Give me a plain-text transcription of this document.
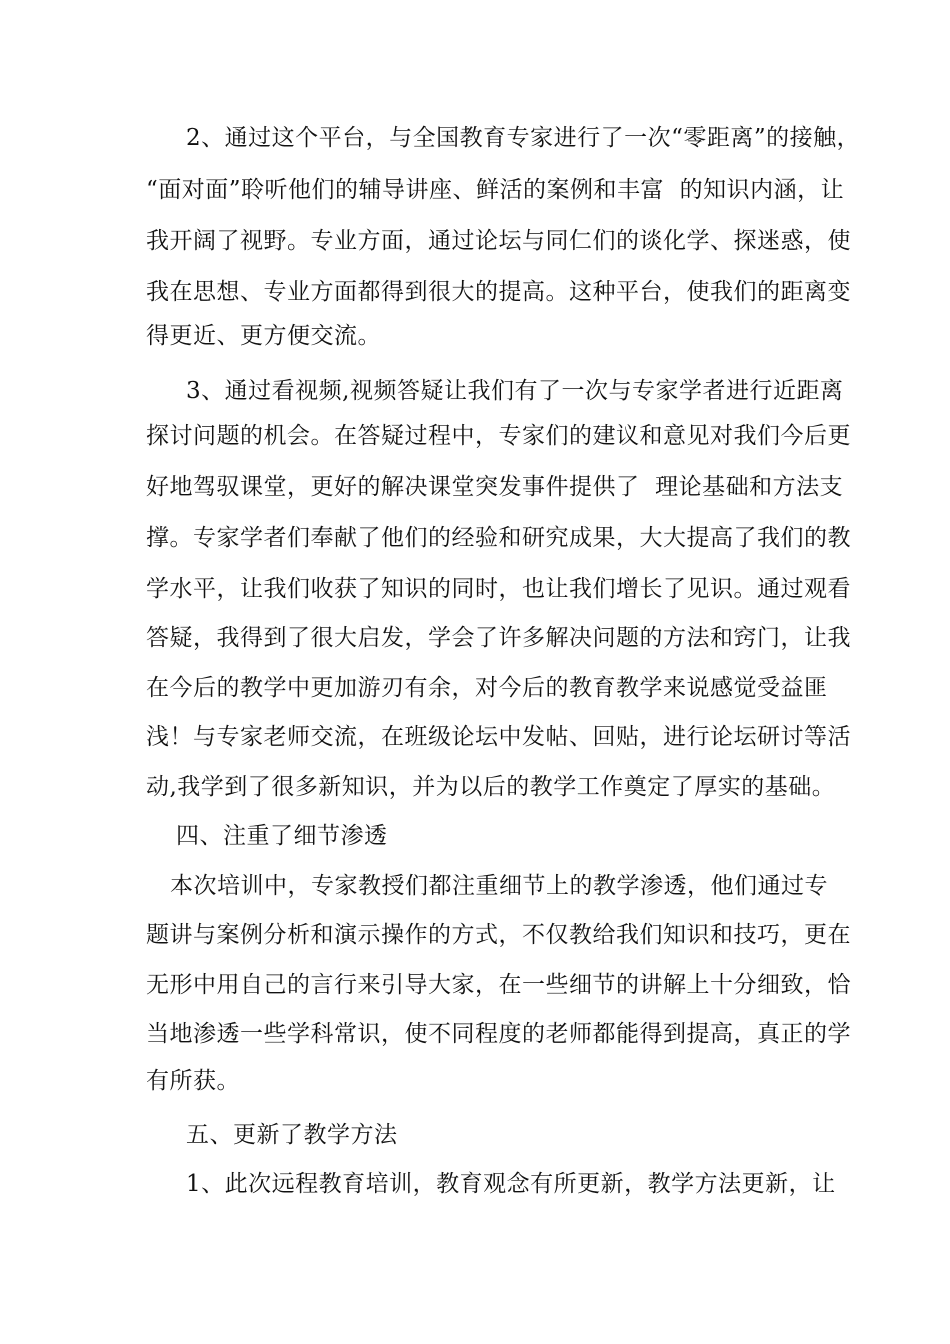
2、通过这个平台，与全国教育专家进行了一次“零距离”的接触，
“面对面”聆听他们的辅导讲座、鲜活的案例和丰富  的知识内涵，让
我开阔了视野。专业方面，通过论坛与同仁们的谈化学、探迷惑，使
我在思想、专业方面都得到很大的提高。这种平台，使我们的距离变
得更近、更方便交流。
3、通过看视频,视频答疑让我们有了一次与专家学者进行近距离
探讨问题的机会。在答疑过程中，专家们的建议和意见对我们今后更
好地驾驭课堂，更好的解决课堂突发事件提供了  理论基础和方法支
撑。专家学者们奉献了他们的经验和研究成果，大大提高了我们的教
学水平，让我们收获了知识的同时，也让我们增长了见识。通过观看
答疑，我得到了很大启发，学会了许多解决问题的方法和窍门，让我
在今后的教学中更加游刃有余，对今后的教育教学来说感觉受益匪
浅！与专家老师交流，在班级论坛中发帖、回贴，进行论坛研讨等活
动,我学到了很多新知识，并为以后的教学工作奠定了厚实的基础。
四、注重了细节渗透
本次培训中，专家教授们都注重细节上的教学渗透，他们通过专
题讲与案例分析和演示操作的方式，不仅教给我们知识和技巧，更在
无形中用自己的言行来引导大家，在一些细节的讲解上十分细致，恰
当地渗透一些学科常识，使不同程度的老师都能得到提高，真正的学
有所获。
五、更新了教学方法
1、此次远程教育培训，教育观念有所更新，教学方法更新，让
